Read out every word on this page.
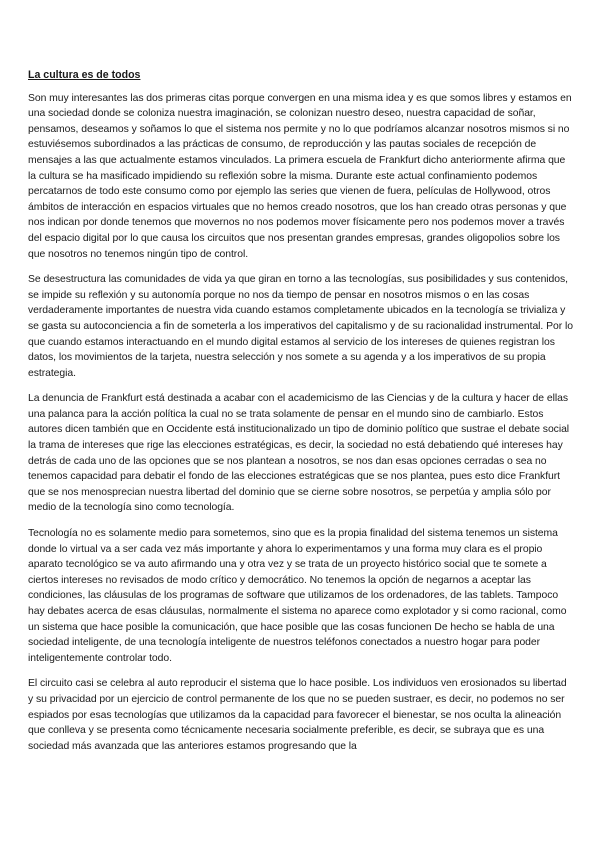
La cultura es de todos

Son muy interesantes las dos primeras citas porque convergen en una misma idea y es que somos libres y estamos en una sociedad donde se coloniza nuestra imaginación, se colonizan nuestro deseo, nuestra capacidad de soñar, pensamos, deseamos y soñamos lo que el sistema nos permite y no lo que podríamos alcanzar nosotros mismos si no estuviésemos subordinados a las prácticas de consumo, de reproducción y las pautas sociales de recepción de mensajes a las que actualmente estamos vinculados. La primera escuela de Frankfurt dicho anteriormente afirma que la cultura se ha masificado impidiendo su reflexión sobre la misma. Durante este actual confinamiento podemos percatarnos de todo este consumo como por ejemplo las series que vienen de fuera, películas de Hollywood, otros ámbitos de interacción en espacios virtuales que no hemos creado nosotros, que los han creado otras personas y que nos indican por donde tenemos que movernos no nos podemos mover físicamente pero nos podemos mover a través del espacio digital por lo que causa los circuitos que nos presentan grandes empresas, grandes oligopolios sobre los que nosotros no tenemos ningún tipo de control.

Se desestructura las comunidades de vida ya que giran en torno a las tecnologías, sus posibilidades y sus contenidos, se impide su reflexión y su autonomía porque no nos da tiempo de pensar en nosotros mismos o en las cosas verdaderamente importantes de nuestra vida cuando estamos completamente ubicados en la tecnología se trivializa y se gasta su autoconciencia a fin de someterla a los imperativos del capitalismo y de su racionalidad instrumental. Por lo que cuando estamos interactuando en el mundo digital estamos al servicio de los intereses de quienes registran los datos, los movimientos de la tarjeta, nuestra selección y nos somete a su agenda y a los imperativos de su propia estrategia.

La denuncia de Frankfurt está destinada a acabar con el academicismo de las Ciencias y de la cultura y hacer de ellas una palanca para la acción política la cual no se trata solamente de pensar en el mundo sino de cambiarlo. Estos autores dicen también que en Occidente está institucionalizado un tipo de dominio político que sustrae el debate social la trama de intereses que rige las elecciones estratégicas, es decir, la sociedad no está debatiendo qué intereses hay detrás de cada uno de las opciones que se nos plantean a nosotros, se nos dan esas opciones cerradas o sea no tenemos capacidad para debatir el fondo de las elecciones estratégicas que se nos plantea, pues esto dice Frankfurt que se nos menosprecian nuestra libertad del dominio que se cierne sobre nosotros, se perpetúa y amplia sólo por medio de la tecnología sino como tecnología.

Tecnología no es solamente medio para sometemos, sino que es la propia finalidad del sistema tenemos un sistema donde lo virtual va a ser cada vez más importante y ahora lo experimentamos y una forma muy clara es el propio aparato tecnológico se va auto afirmando una y otra vez y se trata de un proyecto histórico social que te somete a ciertos intereses no revisados de modo crítico y democrático. No tenemos la opción de negarnos a aceptar las condiciones, las cláusulas de los programas de software que utilizamos de los ordenadores, de las tablets. Tampoco hay debates acerca de esas cláusulas, normalmente el sistema no aparece como explotador y si como racional, como un sistema que hace posible la comunicación, que hace posible que las cosas funcionen De hecho se habla de una sociedad inteligente, de una tecnología inteligente de nuestros teléfonos conectados a nuestro hogar para poder inteligentemente controlar todo.

El circuito casi se celebra al auto reproducir el sistema que lo hace posible. Los individuos ven erosionados su libertad y su privacidad por un ejercicio de control permanente de los que no se pueden sustraer, es decir, no podemos no ser espiados por esas tecnologías que utilizamos da la capacidad para favorecer el bienestar, se nos oculta la alineación que conlleva y se presenta como técnicamente necesaria socialmente preferible, es decir, se subraya que es una sociedad más avanzada que las anteriores estamos progresando que la
